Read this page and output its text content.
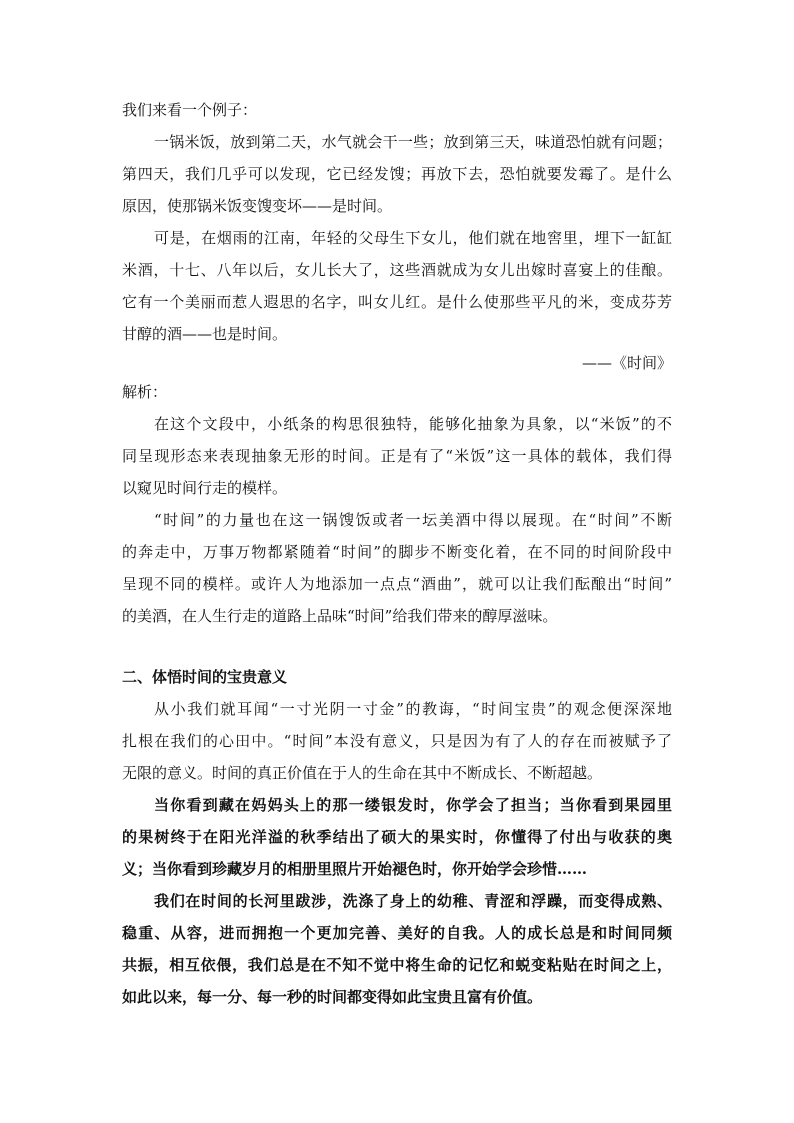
我们来看一个例子：
一锅米饭，放到第二天，水气就会干一些；放到第三天，味道恐怕就有问题；
第四天，我们几乎可以发现，它已经发馊；再放下去，恐怕就要发霉了。是什么
原因，使那锅米饭变馊变坏——是时间。
可是，在烟雨的江南，年轻的父母生下女儿，他们就在地窖里，埋下一缸缸
米酒，十七、八年以后，女儿长大了，这些酒就成为女儿出嫁时喜宴上的佳酿。
它有一个美丽而惹人遐思的名字，叫女儿红。是什么使那些平凡的米，变成芬芳
甘醇的酒——也是时间。
——《时间》
解析：
在这个文段中，小纸条的构思很独特，能够化抽象为具象，以“米饭”的不
同呈现形态来表现抽象无形的时间。正是有了“米饭”这一具体的载体，我们得
以窥见时间行走的模样。
“时间”的力量也在这一锅馊饭或者一坛美酒中得以展现。在“时间”不断
的奔走中，万事万物都紧随着“时间”的脚步不断变化着，在不同的时间阶段中
呈现不同的模样。或许人为地添加一点点“酒曲”，就可以让我们酝酿出“时间”
的美酒，在人生行走的道路上品味“时间”给我们带来的醇厚滋味。
二、体悟时间的宝贵意义
从小我们就耳闻“一寸光阴一寸金”的教诲，“时间宝贵”的观念便深深地
扎根在我们的心田中。“时间”本没有意义，只是因为有了人的存在而被赋予了
无限的意义。时间的真正价值在于人的生命在其中不断成长、不断超越。
当你看到藏在妈妈头上的那一缕银发时，你学会了担当；当你看到果园里
的果树终于在阳光洋溢的秋季结出了硕大的果实时，你懂得了付出与收获的奥
义；当你看到珍藏岁月的相册里照片开始褪色时，你开始学会珍惜……
我们在时间的长河里跋涉，洗涤了身上的幼稚、青涩和浮躁，而变得成熟、
稳重、从容，进而拥抱一个更加完善、美好的自我。人的成长总是和时间同频
共振，相互依偎，我们总是在不知不觉中将生命的记忆和蜕变粘贴在时间之上，
如此以来，每一分、每一秒的时间都变得如此宝贵且富有价值。
